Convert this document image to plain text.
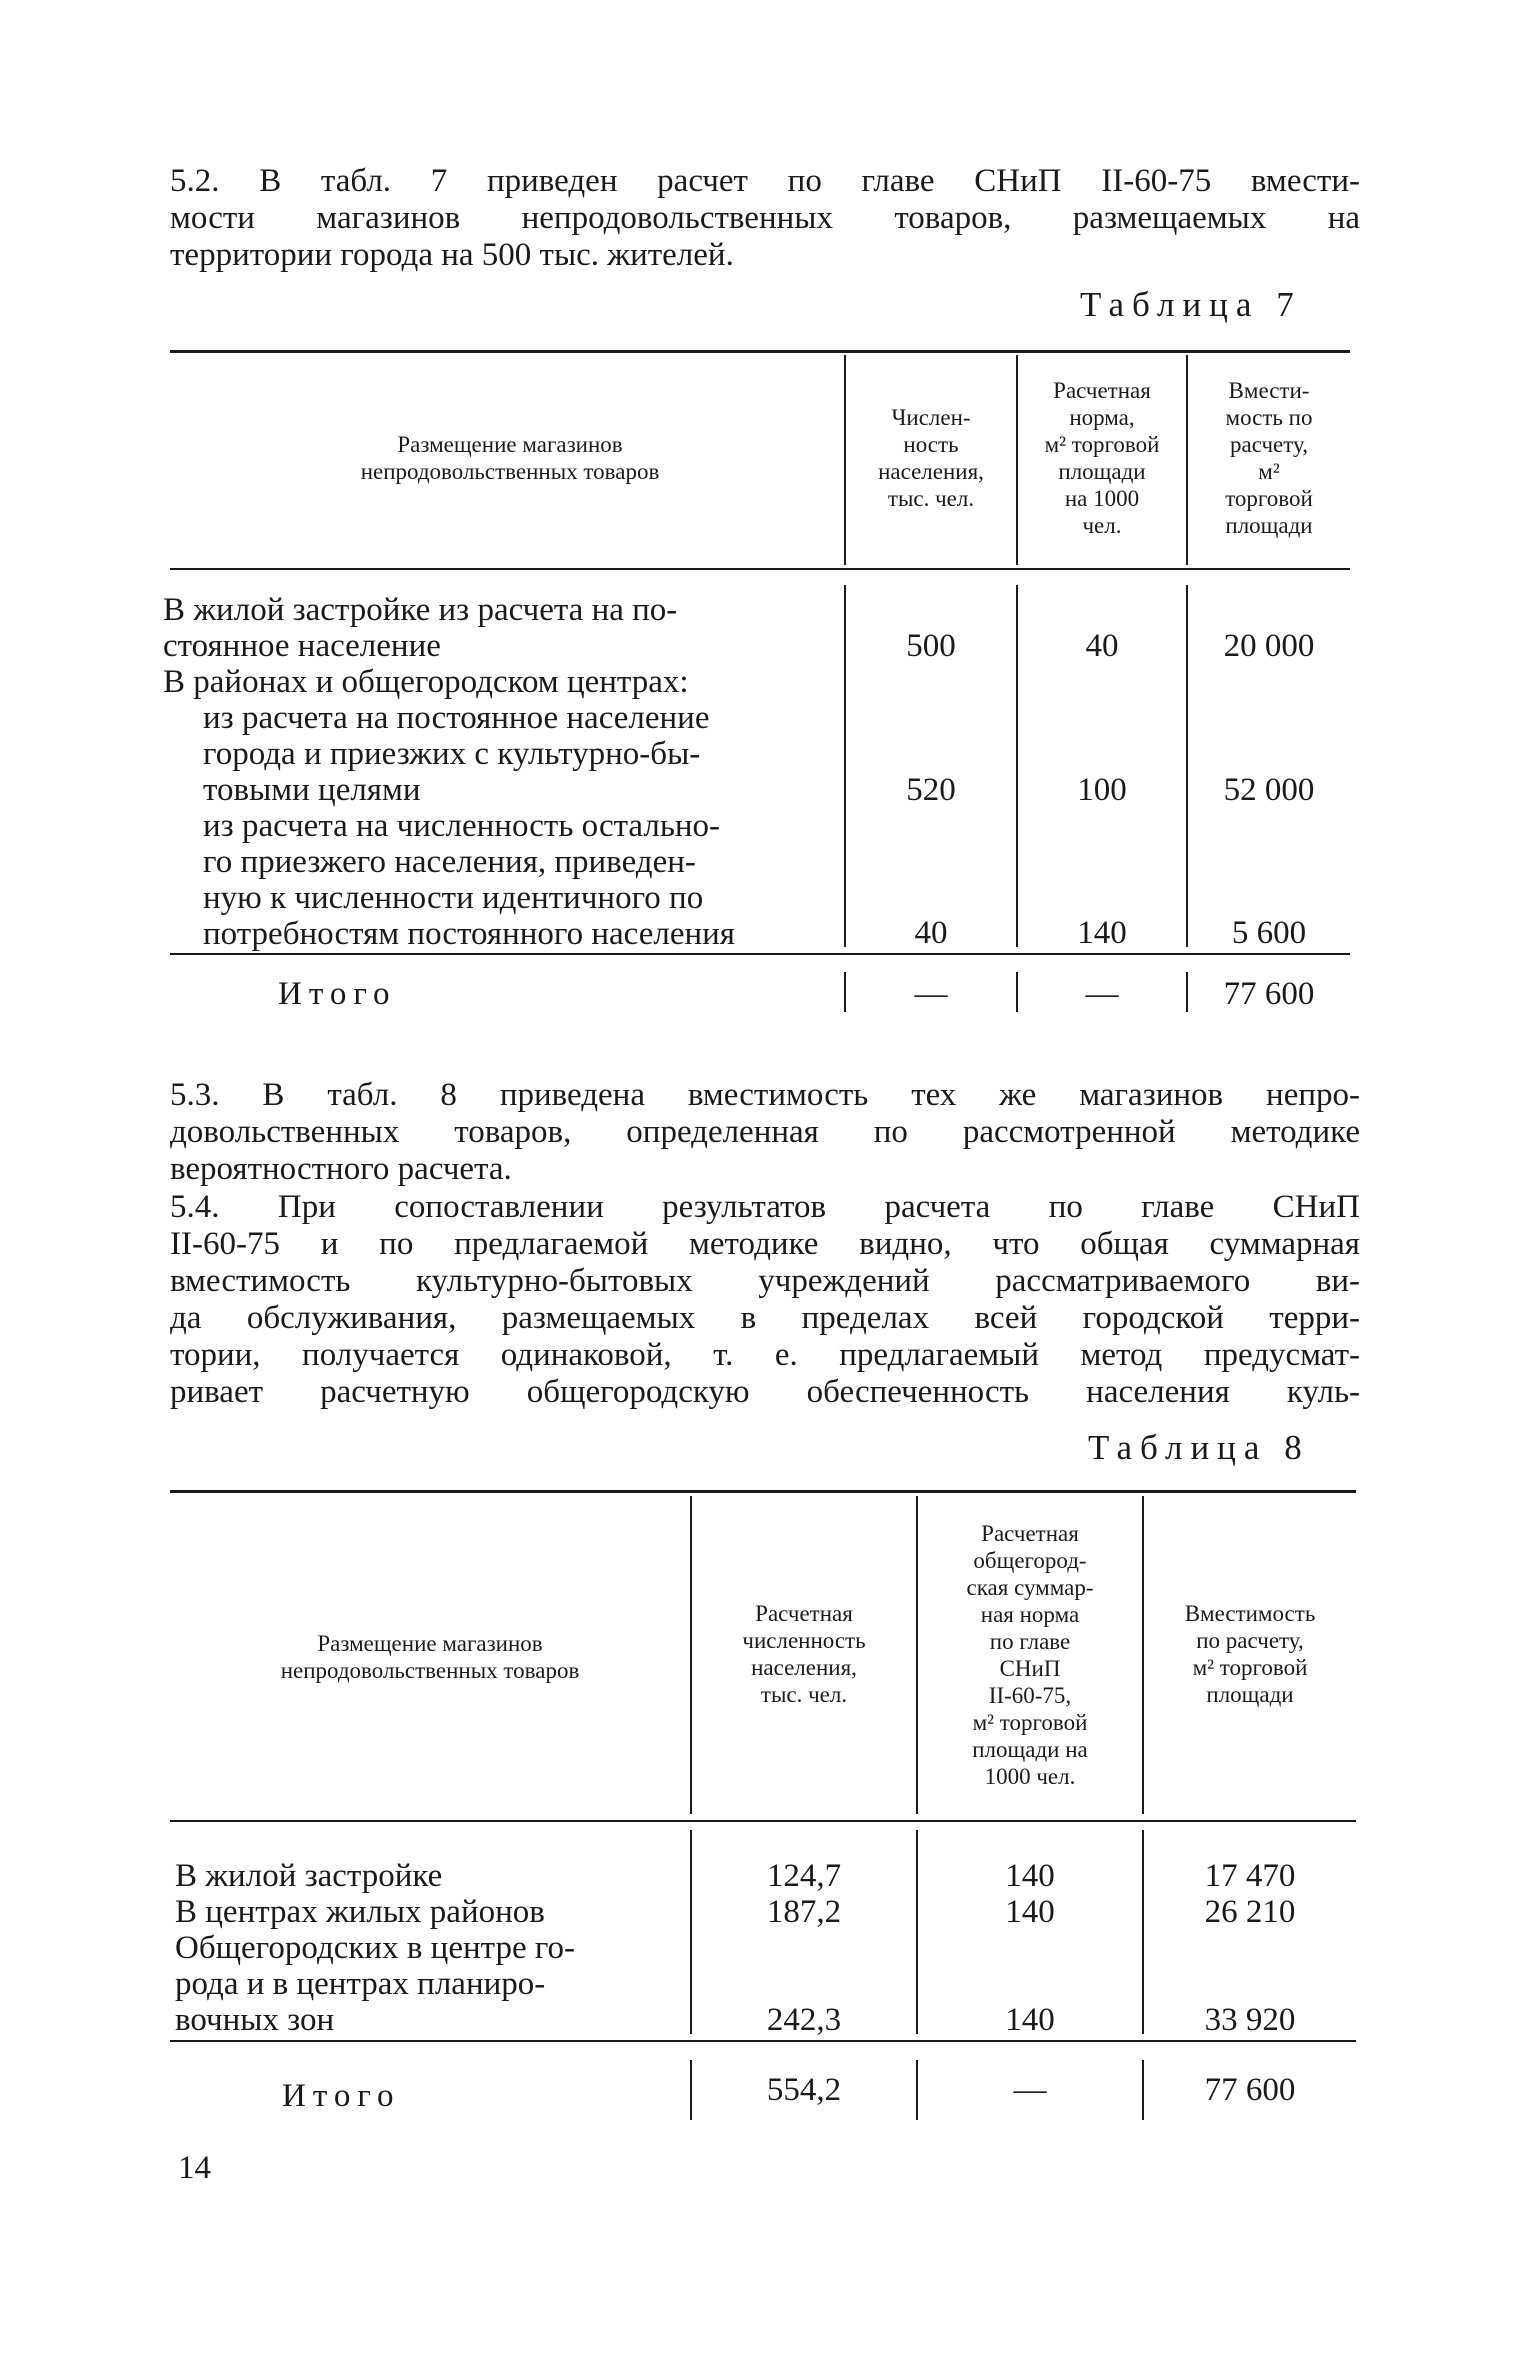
5.2. В табл. 7 приведен расчет по главе СНиП II-60-75 вмести-
мости магазинов непродовольственных товаров, размещаемых на
территории города на 500 тыс. жителей.

Таблица 7

Размещение магазинов
непродовольственных товаров
Числен-
ность
населения,
тыс. чел.
Расчетная
норма,
м² торговой
площади
на 1000
чел.
Вмести-
мость по
расчету,
м²
торговой
площади
В жилой застройке из расчета на по-
стоянное население	500	40	20 000
В районах и общегородском центрах:
из расчета на постоянное население
города и приезжих с культурно-бы-
товыми целями	520	100	52 000
из расчета на численность остально-
го приезжего населения, приведен-
ную к численности идентичного по
потребностям постоянного населения	40	140	5 600
Итого	—	—	77 600
5.3. В табл. 8 приведена вместимость тех же магазинов непро-
довольственных товаров, определенная по рассмотренной методике
вероятностного расчета.
5.4. При сопоставлении результатов расчета по главе СНиП
II-60-75 и по предлагаемой методике видно, что общая суммарная
вместимость культурно-бытовых учреждений рассматриваемого ви-
да обслуживания, размещаемых в пределах всей городской терри-
тории, получается одинаковой, т. е. предлагаемый метод предусмат-
ривает расчетную общегородскую обеспеченность населения куль-

Таблица 8

Размещение магазинов
непродовольственных товаров
Расчетная
численность
населения,
тыс. чел.
Расчетная
общегород-
ская суммар-
ная норма
по главе
СНиП
II-60-75,
м² торговой
площади на
1000 чел.
Вместимость
по расчету,
м² торговой
площади
В жилой застройке	124,7	140	17 470
В центрах жилых районов	187,2	140	26 210
Общегородских в центре го-
рода и в центрах планиро-
вочных зон	242,3	140	33 920
Итого	554,2	—	77 600

14
